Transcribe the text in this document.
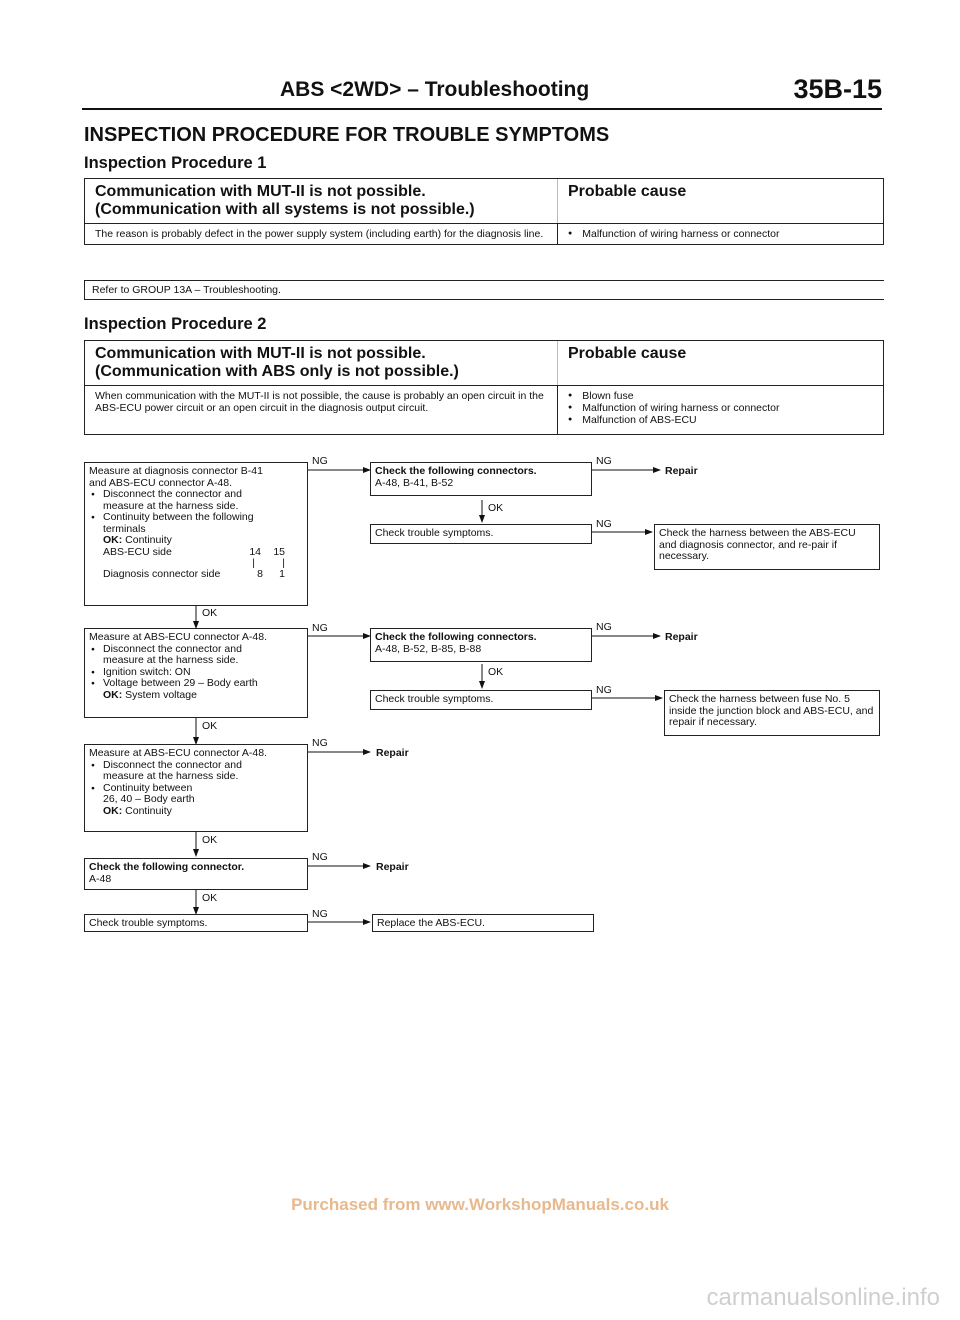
ABS <2WD> – Troubleshooting	35B-15
INSPECTION PROCEDURE FOR TROUBLE SYMPTOMS
Inspection Procedure 1
Communication with MUT-II is not possible.
(Communication with all systems is not possible.)
Probable cause
The reason is probably defect in the power supply system (including earth) for the diagnosis line.
●	Malfunction of wiring harness or connector
Refer to GROUP 13A – Troubleshooting.
Inspection Procedure 2
Communication with MUT-II is not possible.
(Communication with ABS only is not possible.)
Probable cause
When communication with the MUT-II is not possible, the cause is probably an open circuit in the ABS-ECU power circuit or an open circuit in the diagnosis output circuit.
● Blown fuse
● Malfunction of wiring harness or connector
● Malfunction of ABS-ECU
Measure at diagnosis connector B-41
and ABS-ECU connector A-48.
● Disconnect the connector and
measure at the harness side.
● Continuity between the following
terminals
OK: Continuity
ABS-ECU side	14	15
|	|
Diagnosis connector side	8	1
NG
OK
Check the following connectors.
A-48, B-41, B-52
NG
Repair
OK
Check trouble symptoms.
NG
Check the harness between the ABS-ECU and diagnosis connector, and re-pair if necessary.
Measure at ABS-ECU connector A-48.
● Disconnect the connector and
measure at the harness side.
● Ignition switch: ON
● Voltage between 29 – Body earth
OK: System voltage
NG
OK
Check the following connectors.
A-48, B-52, B-85, B-88
NG
Repair
OK
Check trouble symptoms.
NG
Check the harness between fuse No. 5 inside the junction block and ABS-ECU, and repair if necessary.
Measure at ABS-ECU connector A-48.
● Disconnect the connector and
measure at the harness side.
● Continuity between
26, 40 – Body earth
OK: Continuity
NG
Repair
OK
Check the following connector.
A-48
NG
Repair
OK
Check trouble symptoms.
NG
Replace the ABS-ECU.
Purchased from www.WorkshopManuals.co.uk
carmanualsonline.info
